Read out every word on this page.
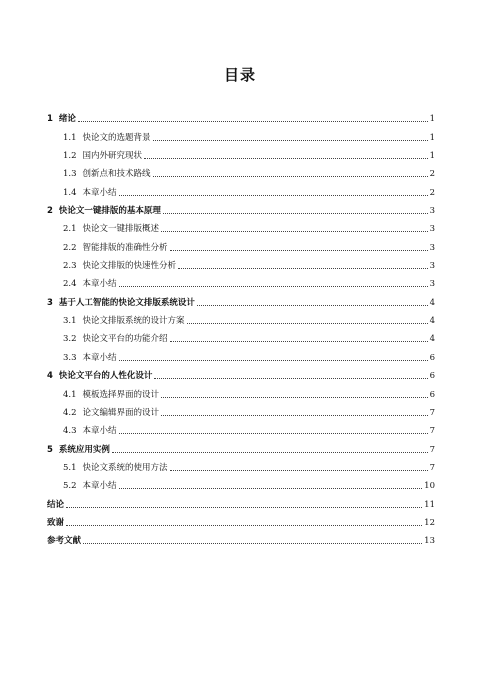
目录
1 绪论	1
1.1 快论文的选题背景	1
1.2 国内外研究现状	1
1.3 创新点和技术路线	2
1.4 本章小结	2
2 快论文一键排版的基本原理	3
2.1 快论文一键排版概述	3
2.2 智能排版的准确性分析	3
2.3 快论文排版的快速性分析	3
2.4 本章小结	3
3 基于人工智能的快论文排版系统设计	4
3.1 快论文排版系统的设计方案	4
3.2 快论文平台的功能介绍	4
3.3 本章小结	6
4 快论文平台的人性化设计	6
4.1 模板选择界面的设计	6
4.2 论文编辑界面的设计	7
4.3 本章小结	7
5 系统应用实例	7
5.1 快论文系统的使用方法	7
5.2 本章小结	10
结论	11
致谢	12
参考文献	13
